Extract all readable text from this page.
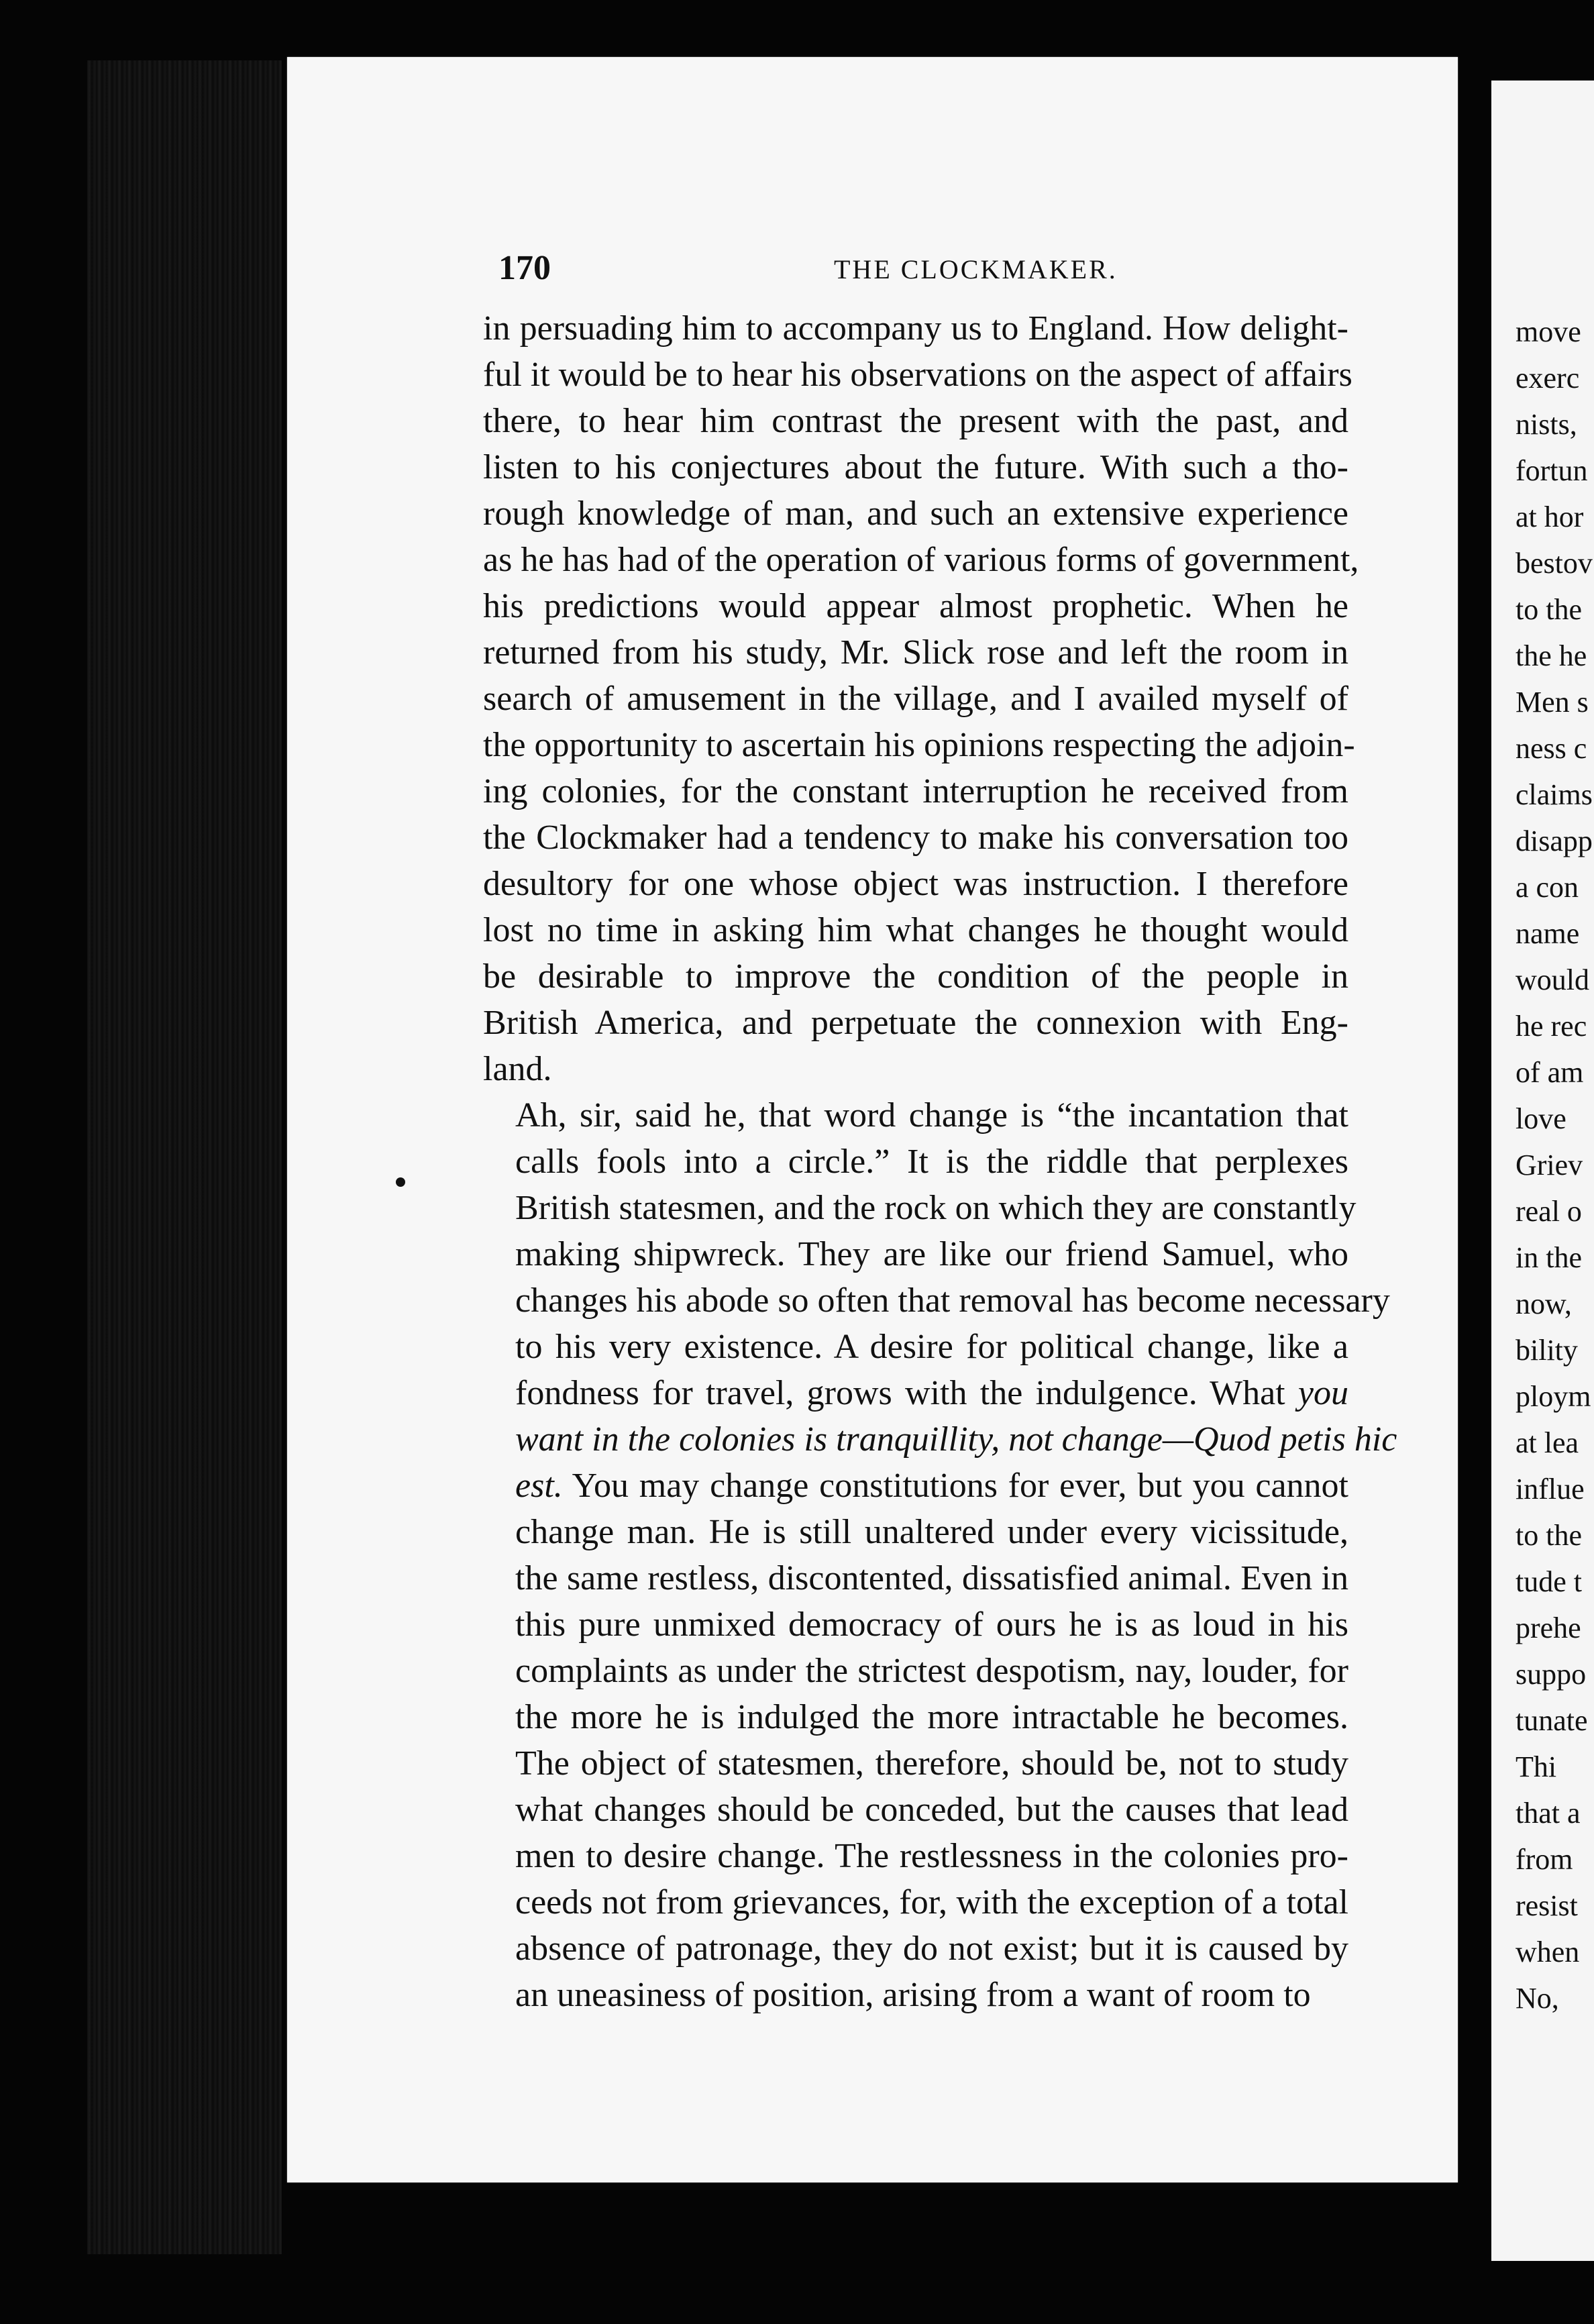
170	THE CLOCKMAKER.
in persuading him to accompany us to England. How delight-
ful it would be to hear his observations on the aspect of affairs
there, to hear him contrast the present with the past, and
listen to his conjectures about the future. With such a tho-
rough knowledge of man, and such an extensive experience
as he has had of the operation of various forms of government,
his predictions would appear almost prophetic. When he
returned from his study, Mr. Slick rose and left the room in
search of amusement in the village, and I availed myself of
the opportunity to ascertain his opinions respecting the adjoin-
ing colonies, for the constant interruption he received from
the Clockmaker had a tendency to make his conversation too
desultory for one whose object was instruction. I therefore
lost no time in asking him what changes he thought would
be desirable to improve the condition of the people in
British America, and perpetuate the connexion with Eng-
land.
Ah, sir, said he, that word change is “the incantation that
calls fools into a circle.” It is the riddle that perplexes
British statesmen, and the rock on which they are constantly
making shipwreck. They are like our friend Samuel, who
changes his abode so often that removal has become necessary
to his very existence. A desire for political change, like a
fondness for travel, grows with the indulgence. What you
want in the colonies is tranquillity, not change—Quod petis hic
est. You may change constitutions for ever, but you cannot
change man. He is still unaltered under every vicissitude,
the same restless, discontented, dissatisfied animal. Even in
this pure unmixed democracy of ours he is as loud in his
complaints as under the strictest despotism, nay, louder, for
the more he is indulged the more intractable he becomes.
The object of statesmen, therefore, should be, not to study
what changes should be conceded, but the causes that lead
men to desire change. The restlessness in the colonies pro-
ceeds not from grievances, for, with the exception of a total
absence of patronage, they do not exist; but it is caused by
an uneasiness of position, arising from a want of room to
move
exerc
nists,
fortun
at hor
bestov
to the
the he
Men s
ness c
claims
disapp
a con
name
would
he rec
of am
love
Griev
real o
in the
now,
bility
ploym
at lea
influe
to the
tude t
prehe
suppo
tunate
Thi
that a
from
resist
when
No,
